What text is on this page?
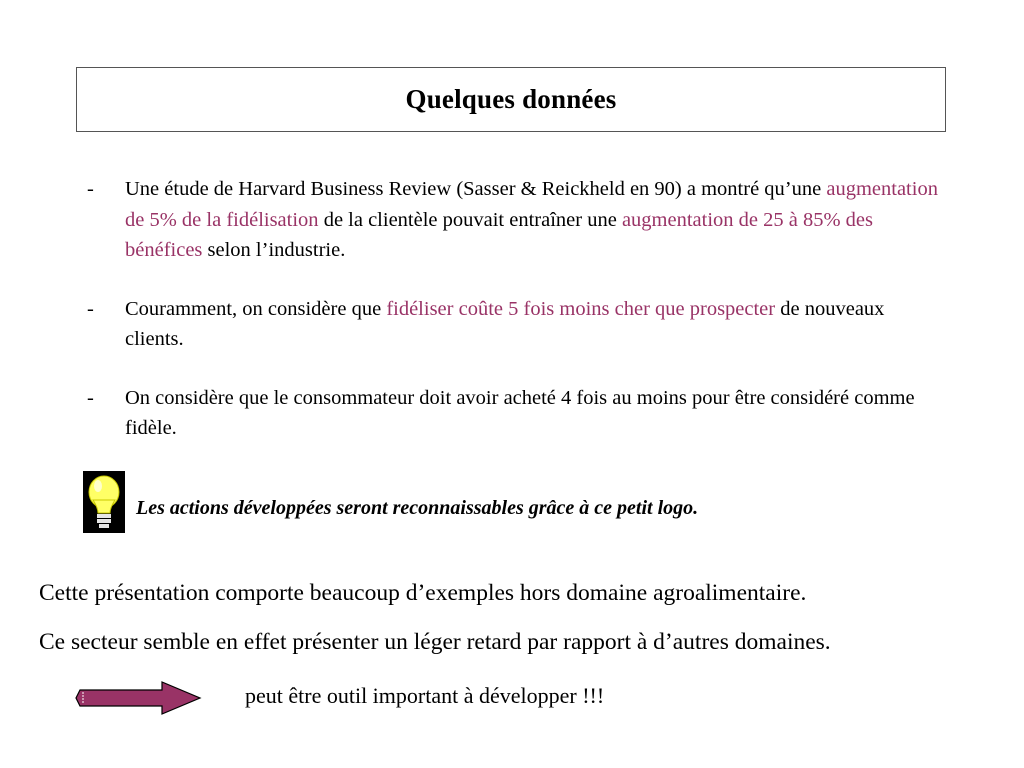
Quelques données
- Une étude de Harvard Business Review (Sasser & Reickheld en 90) a montré qu’une augmentation de 5% de la fidélisation de la clientèle pouvait entraîner une augmentation de 25 à 85% des bénéfices selon l’industrie.
- Couramment, on considère que fidéliser coûte 5 fois moins cher que prospecter de nouveaux clients.
- On considère que le consommateur doit avoir acheté 4 fois au moins pour être considéré comme fidèle.

Les actions développées seront reconnaissables grâce à ce petit logo.

Cette présentation comporte beaucoup d’exemples hors domaine agroalimentaire.

Ce secteur semble en effet présenter un léger retard par rapport à d’autres domaines.

peut être outil important à développer !!!
